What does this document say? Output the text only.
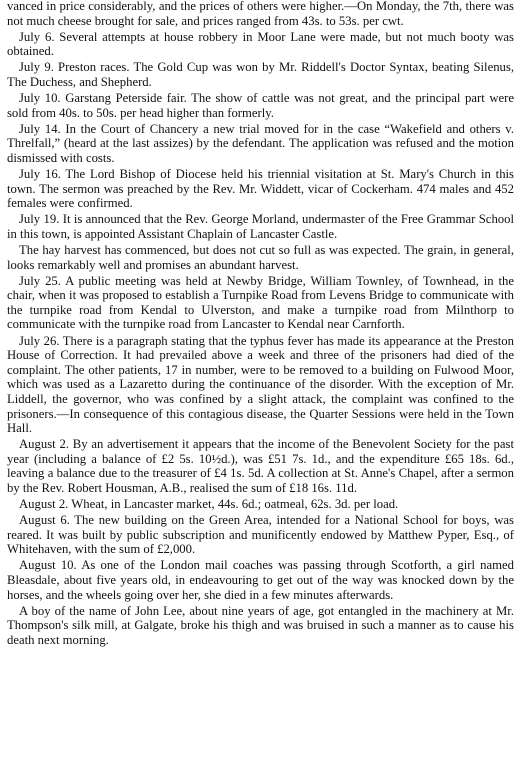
vanced in price considerably, and the prices of others were higher.—On Monday, the 7th, there was not much cheese brought for sale, and prices ranged from 43s. to 53s. per cwt.

July 6. Several attempts at house robbery in Moor Lane were made, but not much booty was obtained.

July 9. Preston races. The Gold Cup was won by Mr. Riddell's Doctor Syntax, beating Silenus, The Duchess, and Shepherd.

July 10. Garstang Peterside fair. The show of cattle was not great, and the principal part were sold from 40s. to 50s. per head higher than formerly.

July 14. In the Court of Chancery a new trial moved for in the case “Wakefield and others v. Threlfall,” (heard at the last assizes) by the defendant. The application was refused and the motion dismissed with costs.

July 16. The Lord Bishop of Diocese held his triennial visitation at St. Mary's Church in this town. The sermon was preached by the Rev. Mr. Widdett, vicar of Cockerham. 474 males and 452 females were confirmed.

July 19. It is announced that the Rev. George Morland, undermaster of the Free Grammar School in this town, is appointed Assistant Chaplain of Lancaster Castle.

The hay harvest has commenced, but does not cut so full as was expected. The grain, in general, looks remarkably well and promises an abundant harvest.

July 25. A public meeting was held at Newby Bridge, William Townley, of Townhead, in the chair, when it was proposed to establish a Turnpike Road from Levens Bridge to communicate with the turnpike road from Kendal to Ulverston, and make a turnpike road from Milnthorp to communicate with the turnpike road from Lancaster to Kendal near Carnforth.

July 26. There is a paragraph stating that the typhus fever has made its appearance at the Preston House of Correction. It had prevailed above a week and three of the prisoners had died of the complaint. The other patients, 17 in number, were to be removed to a building on Fulwood Moor, which was used as a Lazaretto during the continuance of the disorder. With the exception of Mr. Liddell, the governor, who was confined by a slight attack, the complaint was confined to the prisoners.—In consequence of this contagious disease, the Quarter Sessions were held in the Town Hall.

August 2. By an advertisement it appears that the income of the Benevolent Society for the past year (including a balance of £2 5s. 10½d.), was £51 7s. 1d., and the expenditure £65 18s. 6d., leaving a balance due to the treasurer of £4 1s. 5d. A collection at St. Anne's Chapel, after a sermon by the Rev. Robert Housman, A.B., realised the sum of £18 16s. 11d.

August 2. Wheat, in Lancaster market, 44s. 6d.; oatmeal, 62s. 3d. per load.

August 6. The new building on the Green Area, intended for a National School for boys, was reared. It was built by public subscription and munificently endowed by Matthew Pyper, Esq., of Whitehaven, with the sum of £2,000.

August 10. As one of the London mail coaches was passing through Scotforth, a girl named Bleasdale, about five years old, in endeavouring to get out of the way was knocked down by the horses, and the wheels going over her, she died in a few minutes afterwards.

A boy of the name of John Lee, about nine years of age, got entangled in the machinery at Mr. Thompson's silk mill, at Galgate, broke his thigh and was bruised in such a manner as to cause his death next morning.
